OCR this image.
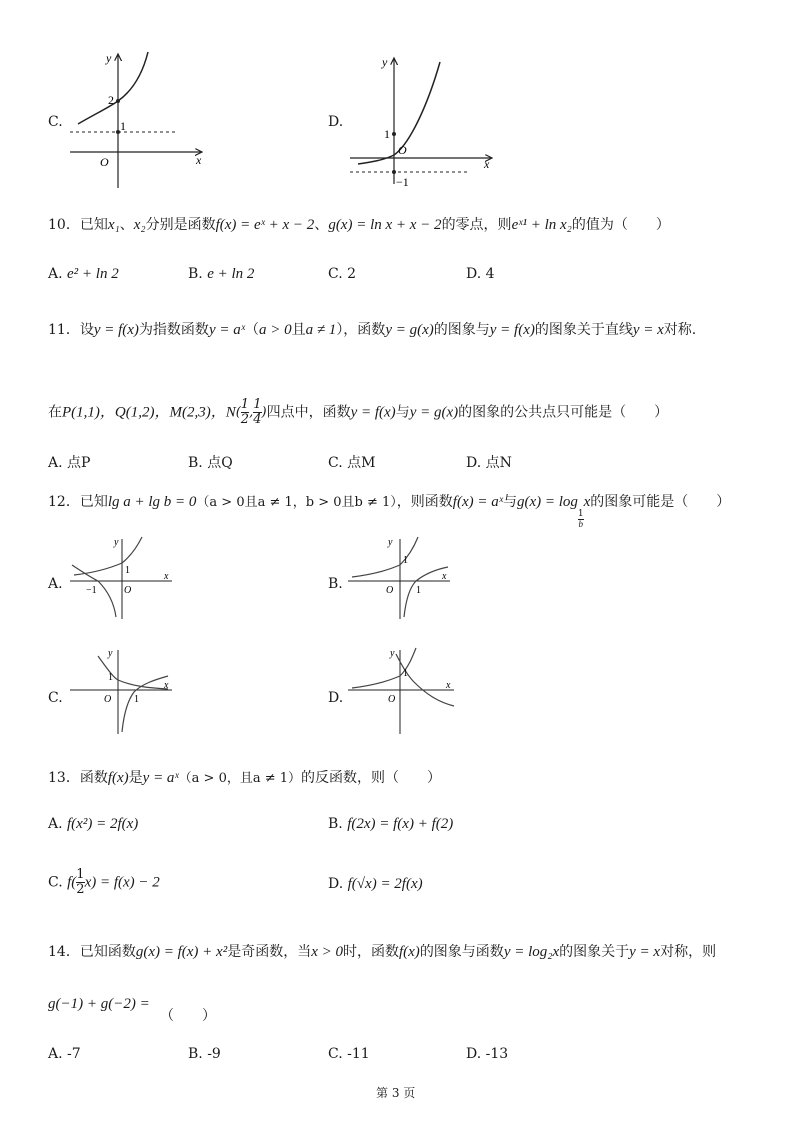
C.
y
x
O
2
1	D.
y
x
O
1
−1
10．已知x₁、x₂分别是函数f(x) = eˣ + x − 2、g(x) = ln x + x − 2的零点，则eˣ¹ + ln x₂的值为（　　）
A. e² + ln 2	B. e + ln 2	C. 2	D. 4
11．设y = f(x)为指数函数y = aˣ（a > 0且a ≠ 1），函数y = g(x)的图象与y = f(x)的图象关于直线y = x对称.
在P(1,1)，Q(1,2)，M(2,3)，$N( \frac{1}{2}$ , $\frac{1}{4}$ )四点中，函数y = f(x)与y = g(x)的图象的公共点只可能是（　　）
A. 点P	B. 点Q	C. 点M	D. 点N
12．已知lg a + lg b = 0（a > 0且a ≠ 1，b > 0且b ≠ 1），则函数f(x) = aˣ与g(x) = log
$\frac{1}{b}$
x的图象可能是（　　）
A.
y
x
O
1
−1	B.
y
x
O
1
1
C.
y
x
O
1
1	D.
y
x
O
1
13．函数f(x)是y = aˣ（a > 0，且a ≠ 1）的反函数，则（　　）
A. f(x²) = 2f(x)	B. f(2x) = f(x) + f(2)
C. $f( \frac{1}{2} x) = f(x) - 2$	D. f(√x) = 2f(x)
14．已知函数g(x) = f(x) + x²是奇函数，当x > 0时，函数f(x)的图象与函数y = log₂x的图象关于y = x对称，则
g(−1) + g(−2) =
（　　）
A. -7	B. -9	C. -11	D. -13
第 3 页
